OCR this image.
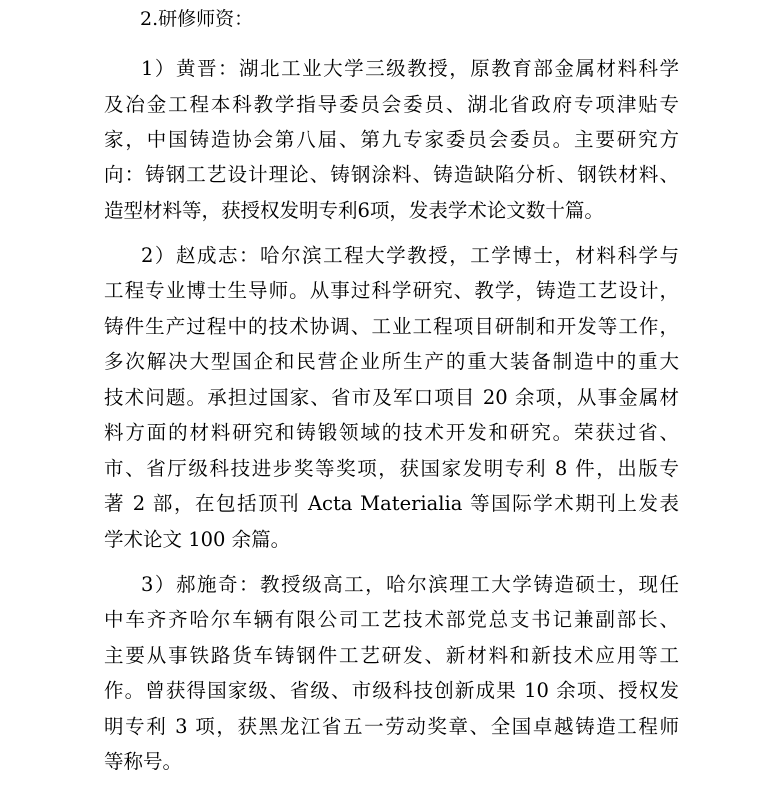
2.研修师资：
1）黄晋：湖北工业大学三级教授，原教育部金属材料科学
及冶金工程本科教学指导委员会委员、湖北省政府专项津贴专
家，中国铸造协会第八届、第九专家委员会委员。主要研究方
向：铸钢工艺设计理论、铸钢涂料、铸造缺陷分析、钢铁材料、
造型材料等，获授权发明专利6项，发表学术论文数十篇。
2）赵成志：哈尔滨工程大学教授，工学博士，材料科学与
工程专业博士生导师。从事过科学研究、教学，铸造工艺设计，
铸件生产过程中的技术协调、工业工程项目研制和开发等工作，
多次解决大型国企和民营企业所生产的重大装备制造中的重大
技术问题。承担过国家、省市及军口项目 20 余项，从事金属材
料方面的材料研究和铸锻领域的技术开发和研究。荣获过省、
市、省厅级科技进步奖等奖项，获国家发明专利 8 件，出版专
著 2 部，在包括顶刊 Acta Materialia 等国际学术期刊上发表
学术论文 100 余篇。
3）郝施奇：教授级高工，哈尔滨理工大学铸造硕士，现任
中车齐齐哈尔车辆有限公司工艺技术部党总支书记兼副部长、
主要从事铁路货车铸钢件工艺研发、新材料和新技术应用等工
作。曾获得国家级、省级、市级科技创新成果 10 余项、授权发
明专利 3 项，获黑龙江省五一劳动奖章、全国卓越铸造工程师
等称号。
